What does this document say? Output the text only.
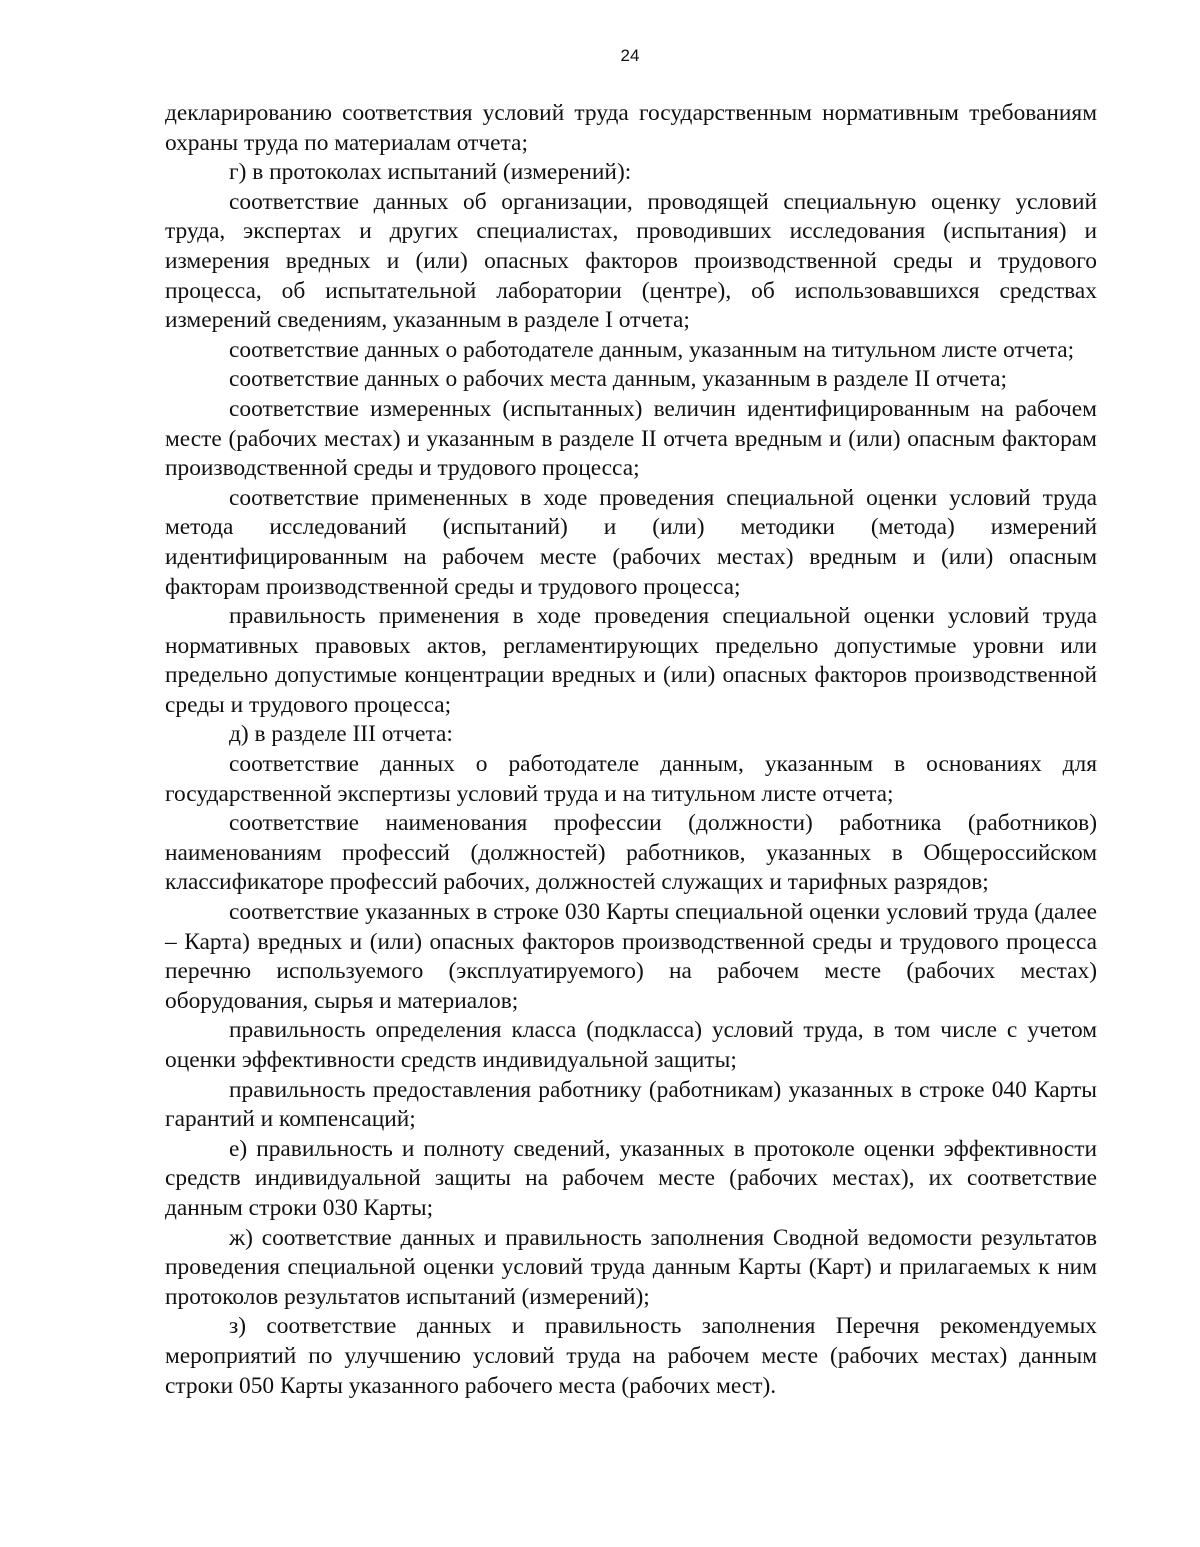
24

декларированию соответствия условий труда государственным нормативным требованиям охраны труда по материалам отчета;

г) в протоколах испытаний (измерений):

соответствие данных об организации, проводящей специальную оценку условий труда, экспертах и других специалистах, проводивших исследования (испытания) и измерения вредных и (или) опасных факторов производственной среды и трудового процесса, об испытательной лаборатории (центре), об использовавшихся средствах измерений сведениям, указанным в разделе I отчета;

соответствие данных о работодателе данным, указанным на титульном листе отчета;

соответствие данных о рабочих места данным, указанным в разделе II отчета;

соответствие измеренных (испытанных) величин идентифицированным на рабочем месте (рабочих местах) и указанным в разделе II отчета вредным и (или) опасным факторам производственной среды и трудового процесса;

соответствие примененных в ходе проведения специальной оценки условий труда метода исследований (испытаний) и (или) методики (метода) измерений идентифицированным на рабочем месте (рабочих местах) вредным и (или) опасным факторам производственной среды и трудового процесса;

правильность применения в ходе проведения специальной оценки условий труда нормативных правовых актов, регламентирующих предельно допустимые уровни или предельно допустимые концентрации вредных и (или) опасных факторов производственной среды и трудового процесса;

д) в разделе III отчета:

соответствие данных о работодателе данным, указанным в основаниях для государственной экспертизы условий труда и на титульном листе отчета;

соответствие наименования профессии (должности) работника (работников) наименованиям профессий (должностей) работников, указанных в Общероссийском классификаторе профессий рабочих, должностей служащих и тарифных разрядов;

соответствие указанных в строке 030 Карты специальной оценки условий труда (далее – Карта) вредных и (или) опасных факторов производственной среды и трудового процесса перечню используемого (эксплуатируемого) на рабочем месте (рабочих местах) оборудования, сырья и материалов;

правильность определения класса (подкласса) условий труда, в том числе с учетом оценки эффективности средств индивидуальной защиты;

правильность предоставления работнику (работникам) указанных в строке 040 Карты гарантий и компенсаций;

е) правильность и полноту сведений, указанных в протоколе оценки эффективности средств индивидуальной защиты на рабочем месте (рабочих местах), их соответствие данным строки 030 Карты;

ж) соответствие данных и правильность заполнения Сводной ведомости результатов проведения специальной оценки условий труда данным Карты (Карт) и прилагаемых к ним протоколов результатов испытаний (измерений);

з) соответствие данных и правильность заполнения Перечня рекомендуемых мероприятий по улучшению условий труда на рабочем месте (рабочих местах) данным строки 050 Карты указанного рабочего места (рабочих мест).
